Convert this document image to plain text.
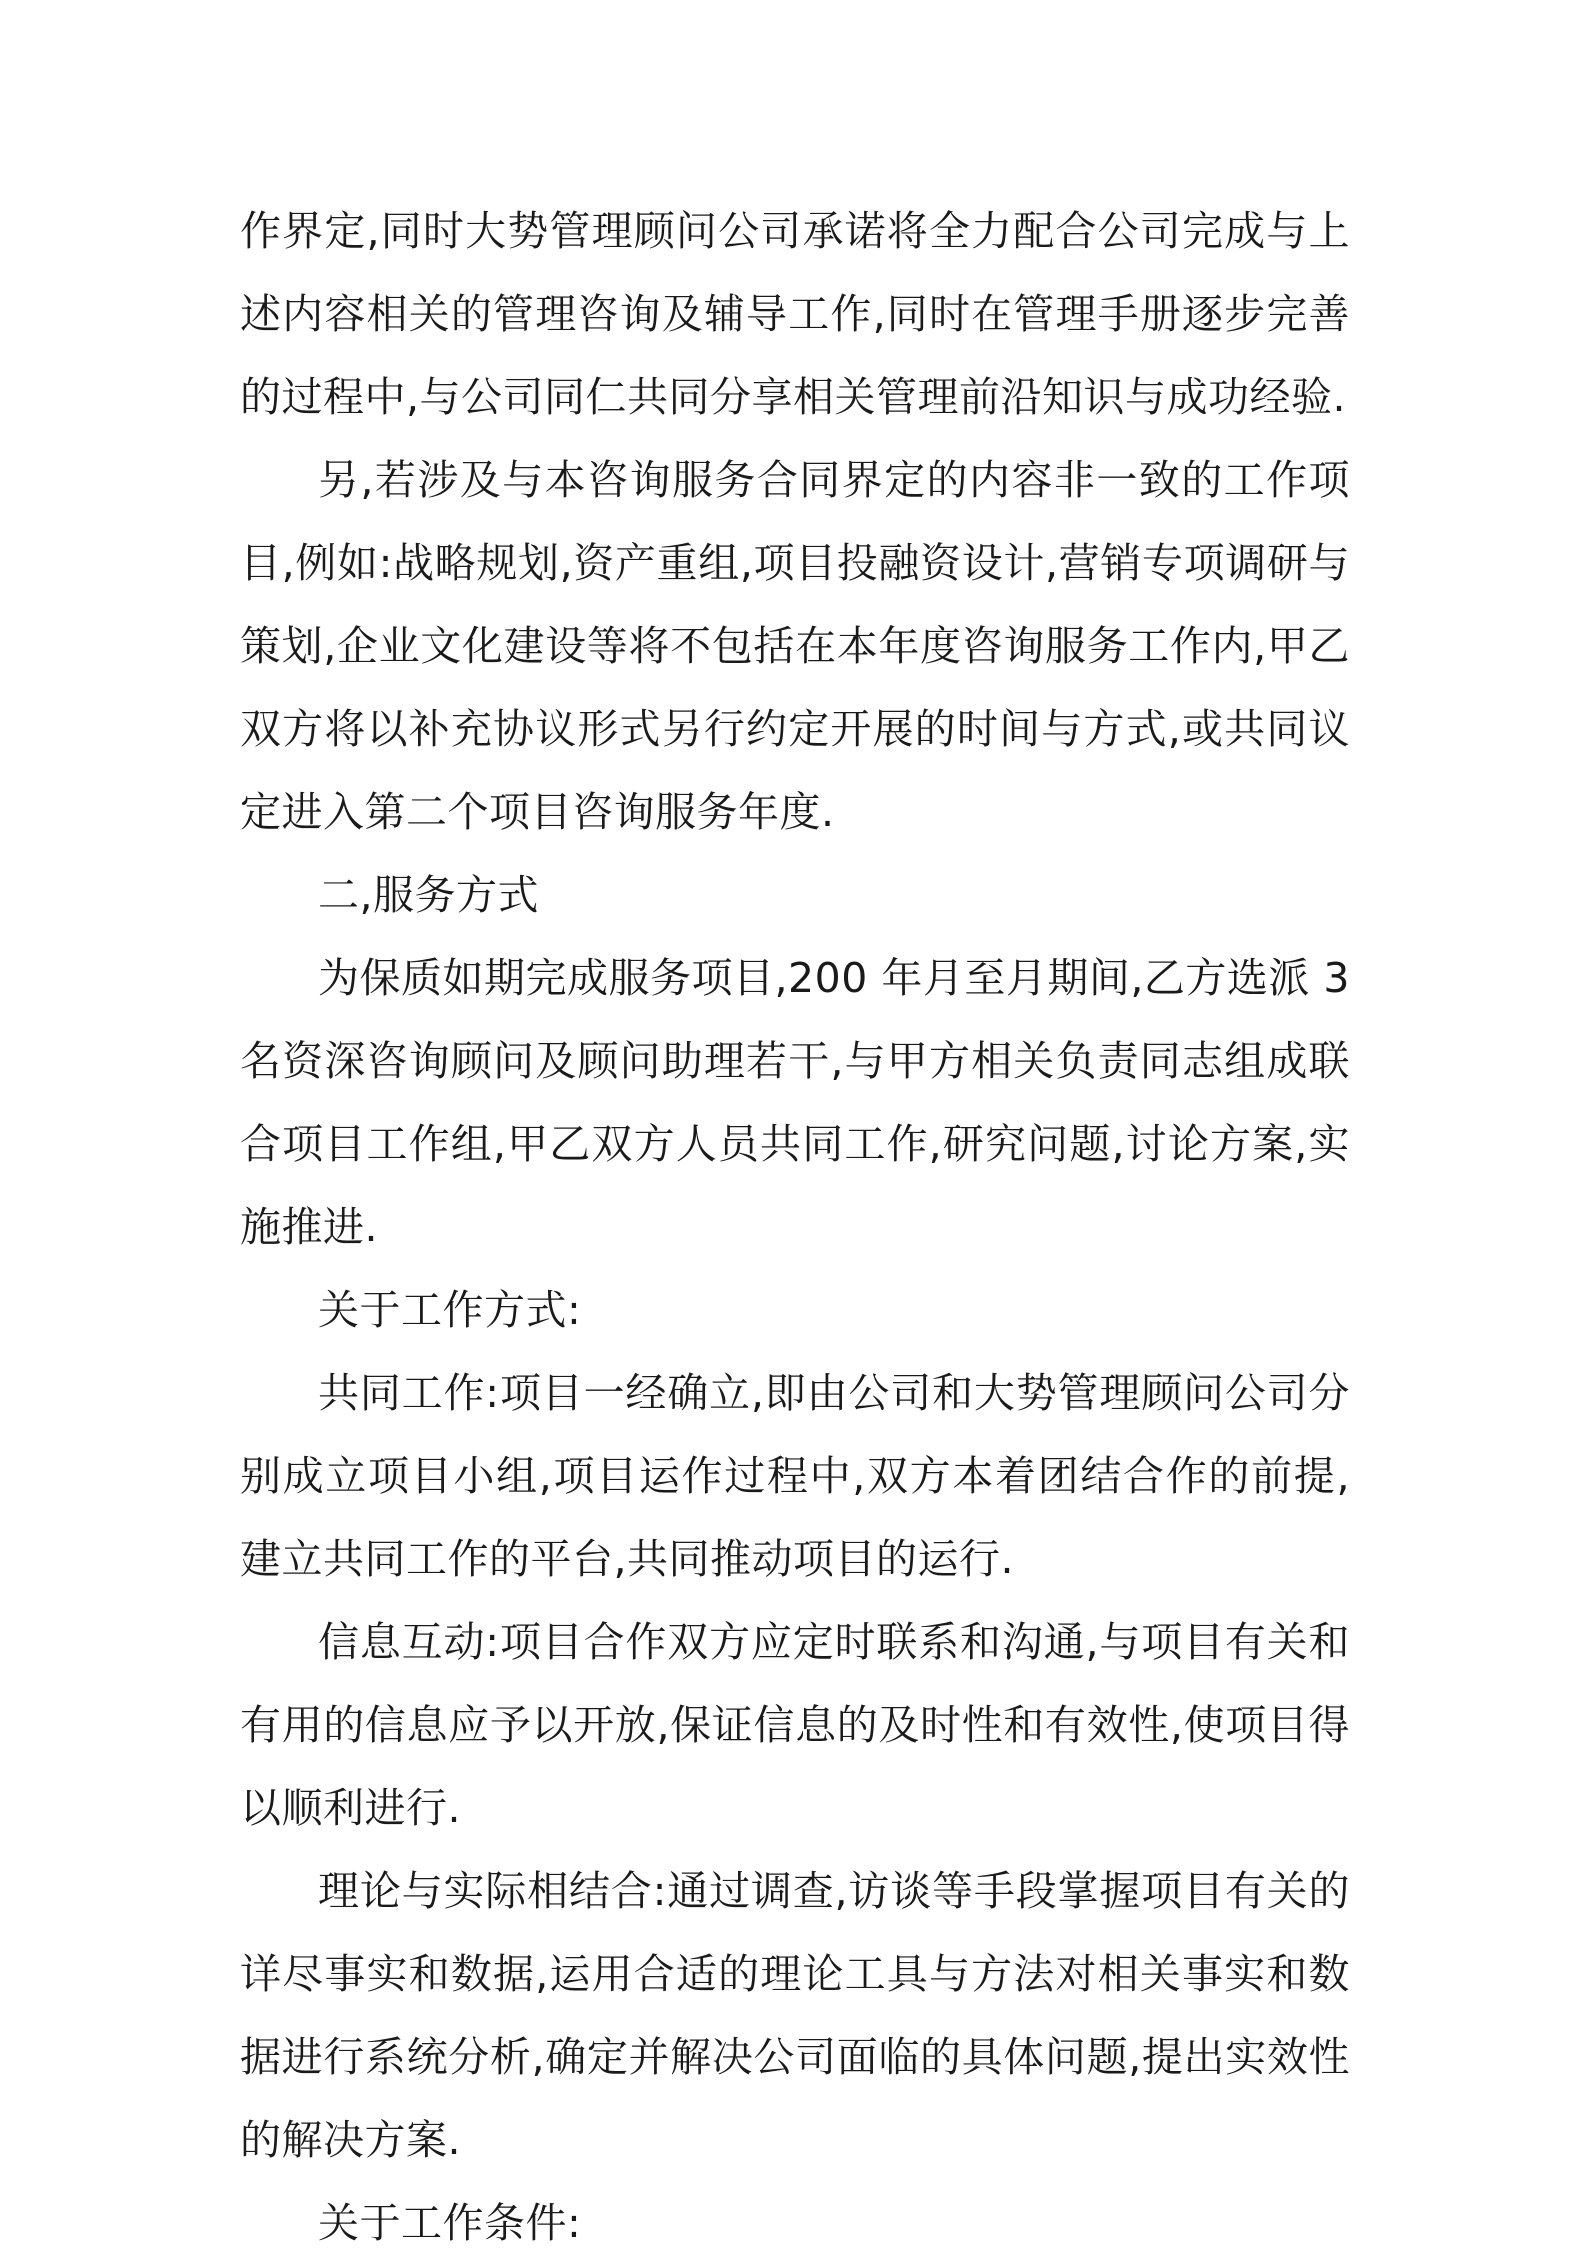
作界定,同时大势管理顾问公司承诺将全力配合公司完成与上述内容相关的管理咨询及辅导工作,同时在管理手册逐步完善的过程中,与公司同仁共同分享相关管理前沿知识与成功经验.

另,若涉及与本咨询服务合同界定的内容非一致的工作项目,例如:战略规划,资产重组,项目投融资设计,营销专项调研与策划,企业文化建设等将不包括在本年度咨询服务工作内,甲乙双方将以补充协议形式另行约定开展的时间与方式,或共同议定进入第二个项目咨询服务年度.

二,服务方式

为保质如期完成服务项目,200 年月至月期间,乙方选派 3 名资深咨询顾问及顾问助理若干,与甲方相关负责同志组成联合项目工作组,甲乙双方人员共同工作,研究问题,讨论方案,实施推进.

关于工作方式:

共同工作:项目一经确立,即由公司和大势管理顾问公司分别成立项目小组,项目运作过程中,双方本着团结合作的前提,建立共同工作的平台,共同推动项目的运行.

信息互动:项目合作双方应定时联系和沟通,与项目有关和有用的信息应予以开放,保证信息的及时性和有效性,使项目得以顺利进行.

理论与实际相结合:通过调查,访谈等手段掌握项目有关的详尽事实和数据,运用合适的理论工具与方法对相关事实和数据进行系统分析,确定并解决公司面临的具体问题,提出实效性的解决方案.

关于工作条件:
